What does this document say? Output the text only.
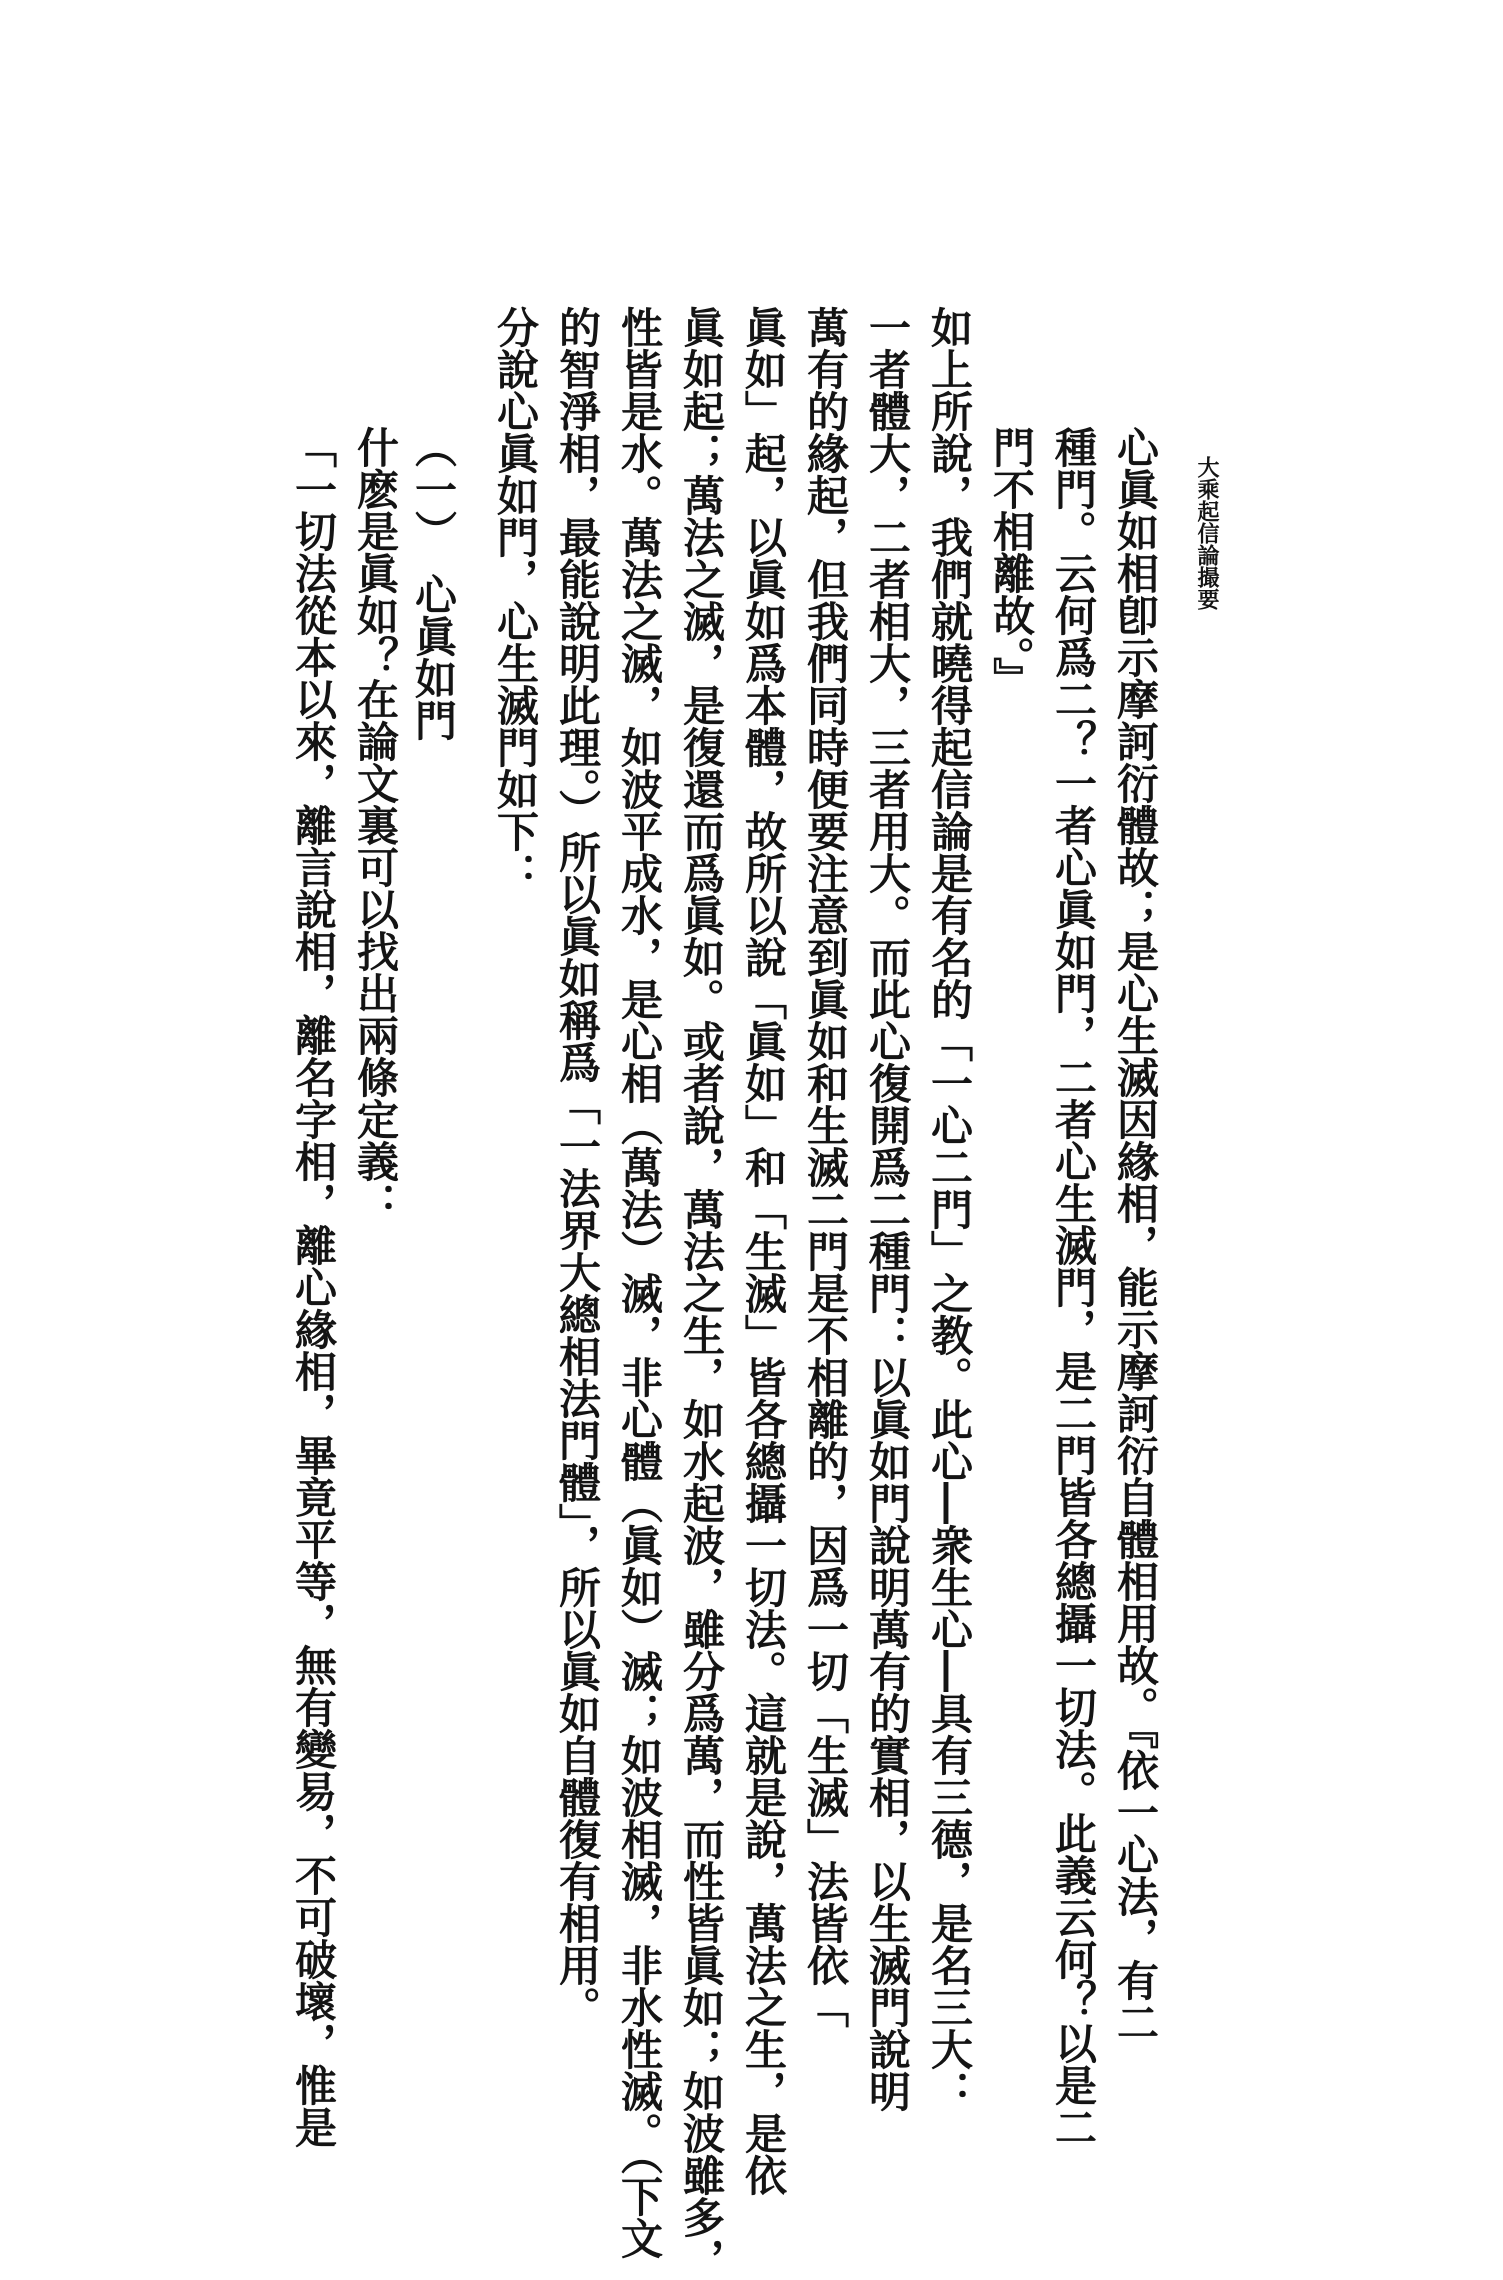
大乘起信論撮要
心眞如相卽示摩訶衍體故；是心生滅因緣相，能示摩訶衍自體相用故。『依一心法，有二
種門。云何爲二？一者心眞如門，二者心生滅門，是二門皆各總攝一切法。此義云何？以是二
門不相離故。』
如上所說，我們就曉得起信論是有名的「一心二門」之教。此心―衆生心―具有三德，是名三大：
一者體大，二者相大，三者用大。而此心復開爲二種門：以眞如門說明萬有的實相，以生滅門說明
萬有的緣起，但我們同時便要注意到眞如和生滅二門是不相離的，因爲一切「生滅」法皆依「
眞如」起，以眞如爲本體，故所以說「眞如」和「生滅」皆各總攝一切法。這就是說，萬法之生，是依
眞如起；萬法之滅，是復還而爲眞如。或者說，萬法之生，如水起波，雖分爲萬，而性皆眞如；如波雖多，
性皆是水。萬法之滅，如波平成水，是心相（萬法）滅，非心體（眞如）滅；如波相滅，非水性滅。（下文
的智淨相，最能說明此理。）所以眞如稱爲「一法界大總相法門體」，所以眞如自體復有相用。
分說心眞如門，心生滅門如下：
（一）　心眞如門
什麽是眞如？在論文裏可以找出兩條定義：
「一切法從本以來，離言說相，離名字相，離心緣相，畢竟平等，無有變易，不可破壞，惟是
